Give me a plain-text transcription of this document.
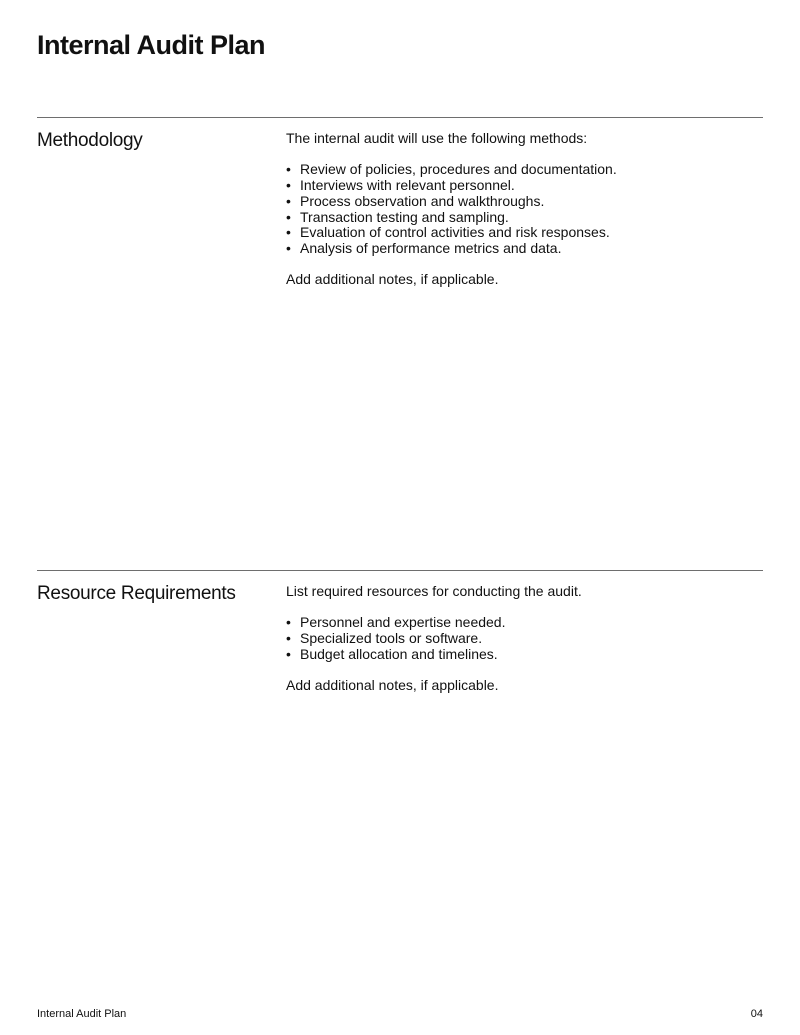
Internal Audit Plan
Methodology	The internal audit will use the following methods:

• Review of policies, procedures and documentation.
• Interviews with relevant personnel.
• Process observation and walkthroughs.
• Transaction testing and sampling.
• Evaluation of control activities and risk responses.
• Analysis of performance metrics and data.

Add additional notes, if applicable.

Resource Requirements	List required resources for conducting the audit.

• Personnel and expertise needed.
• Specialized tools or software.
• Budget allocation and timelines.

Add additional notes, if applicable.

Internal Audit Plan	04
